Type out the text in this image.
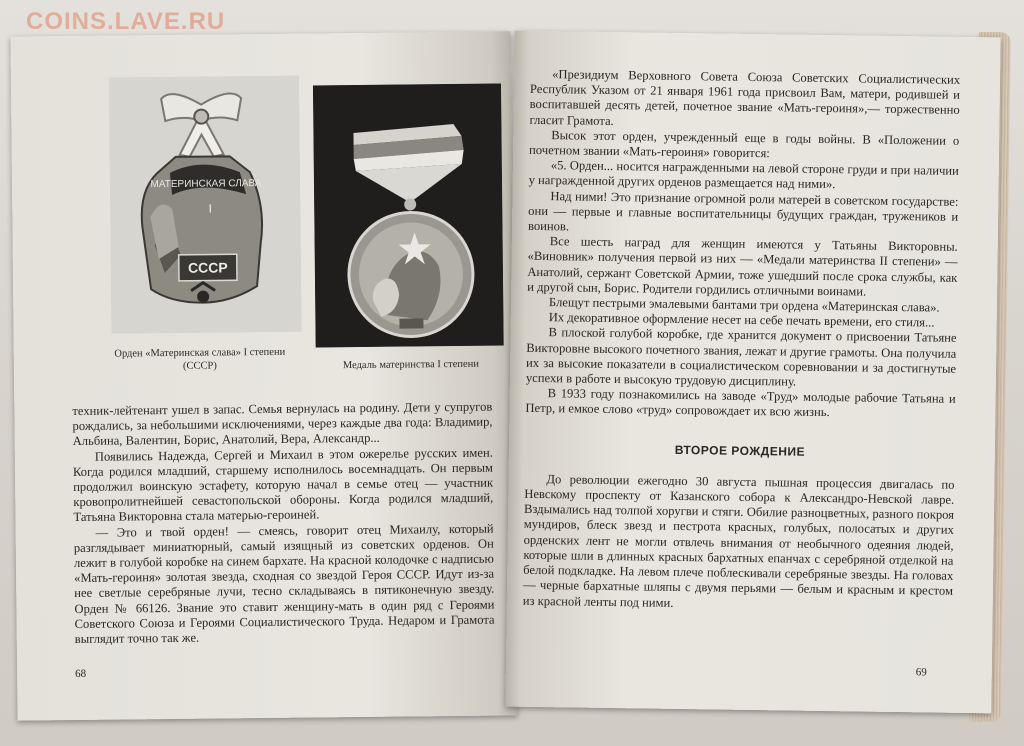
COINS.LAVE.RU
МАТЕРИНСКАЯ СЛАВА
I
СССР
Орден «Материнская слава» I степени (СССР)	Медаль материнства I степени

техник-лейтенант ушел в запас. Семья вернулась на родину. Дети у супругов рождались, за небольшими исключениями, через каждые два года: Владимир, Альбина, Валентин, Борис, Анатолий, Вера, Александр...

Появились Надежда, Сергей и Михаил в этом ожерелье русских имен. Когда родился младший, старшему исполнилось восемнадцать. Он первым продолжил воинскую эстафету, которую начал в семье отец — участник кровопролитнейшей севастопольской обороны. Когда родился младший, Татьяна Викторовна стала матерью-героиней.

— Это и твой орден! — смеясь, говорит отец Михаилу, который разглядывает миниатюрный, самый изящный из советских орденов. Он лежит в голубой коробке на синем бархате. На красной колодочке с надписью «Мать-героиня» золотая звезда, сходная со звездой Героя СССР. Идут из-за нее светлые серебряные лучи, тесно складываясь в пятиконечную звезду. Орден № 66126. Звание это ставит женщину-мать в один ряд с Героями Советского Союза и Героями Социалистического Труда. Недаром и Грамота выглядит точно так же.

68

«Президиум Верховного Совета Союза Советских Социалистических Республик Указом от 21 января 1961 года присвоил Вам, матери, родившей и воспитавшей десять детей, почетное звание «Мать-героиня»,— торжественно гласит Грамота.

Высок этот орден, учрежденный еще в годы войны. В «Положении о почетном звании «Мать-героиня» говорится:

«5. Орден... носится награжденными на левой стороне груди и при наличии у награжденной других орденов размещается над ними».

Над ними! Это признание огромной роли матерей в советском государстве: они — первые и главные воспитательницы будущих граждан, тружеников и воинов.

Все шесть наград для женщин имеются у Татьяны Викторовны. «Виновник» получения первой из них — «Медали материнства II степени» — Анатолий, сержант Советской Армии, тоже ушедший после срока службы, как и другой сын, Борис. Родители гордились отличными воинами.

Блещут пестрыми эмалевыми бантами три ордена «Материнская слава».

Их декоративное оформление несет на себе печать времени, его стиля...

В плоской голубой коробке, где хранится документ о присвоении Татьяне Викторовне высокого почетного звания, лежат и другие грамоты. Она получила их за высокие показатели в социалистическом соревновании и за достигнутые успехи в работе и высокую трудовую дисциплину.

В 1933 году познакомились на заводе «Труд» молодые рабочие Татьяна и Петр, и емкое слово «труд» сопровождает их всю жизнь.

ВТОРОЕ РОЖДЕНИЕ

До революции ежегодно 30 августа пышная процессия двигалась по Невскому проспекту от Казанского собора к Александро-Невской лавре. Вздымались над толпой хоругви и стяги. Обилие разноцветных, разного покроя мундиров, блеск звезд и пестрота красных, голубых, полосатых и других орденских лент не могли отвлечь внимания от необычного одеяния людей, которые шли в длинных красных бархатных епанчах с серебряной отделкой на белой подкладке. На левом плече поблескивали серебряные звезды. На головах — черные бархатные шляпы с двумя перьями — белым и красным и крестом из красной ленты под ними.

69
